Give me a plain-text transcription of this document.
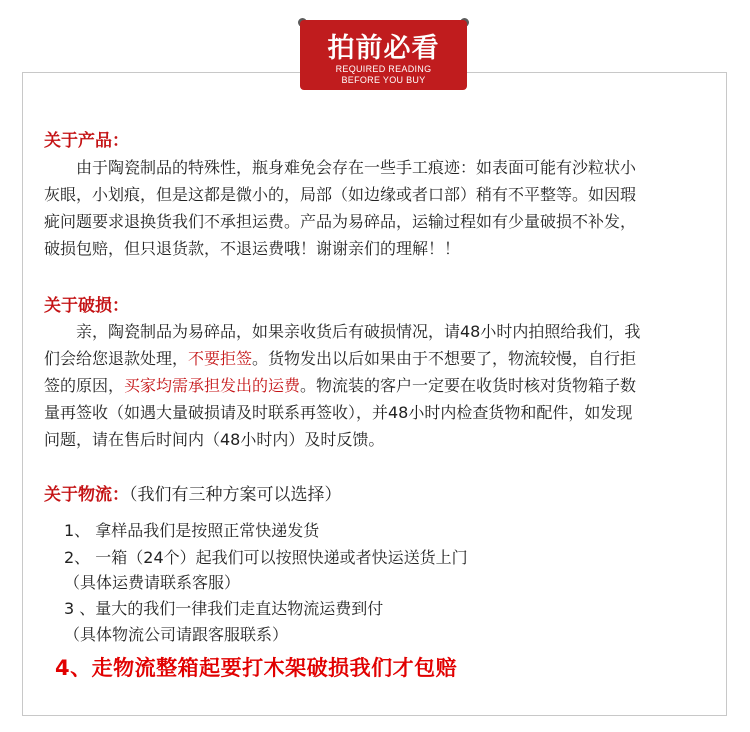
拍前必看
REQUIRED READING
BEFORE YOU BUY
关于产品：
　　由于陶瓷制品的特殊性，瓶身难免会存在一些手工痕迹：如表面可能有沙粒状小
灰眼，小划痕，但是这都是微小的，局部（如边缘或者口部）稍有不平整等。如因瑕
疵问题要求退换货我们不承担运费。产品为易碎品，运输过程如有少量破损不补发，
破损包赔，但只退货款，不退运费哦！谢谢亲们的理解！！
关于破损：
　　亲，陶瓷制品为易碎品，如果亲收货后有破损情况，请48小时内拍照给我们，我
们会给您退款处理，不要拒签。货物发出以后如果由于不想要了，物流较慢，自行拒
签的原因，买家均需承担发出的运费。物流装的客户一定要在收货时核对货物箱子数
量再签收（如遇大量破损请及时联系再签收），并48小时内检查货物和配件，如发现
问题，请在售后时间内（48小时内）及时反馈。
关于物流：（我们有三种方案可以选择）
1、 拿样品我们是按照正常快递发货
2、 一箱（24个）起我们可以按照快递或者快运送货上门
（具体运费请联系客服）
3 、量大的我们一律我们走直达物流运费到付
（具体物流公司请跟客服联系）
4、走物流整箱起要打木架破损我们才包赔
